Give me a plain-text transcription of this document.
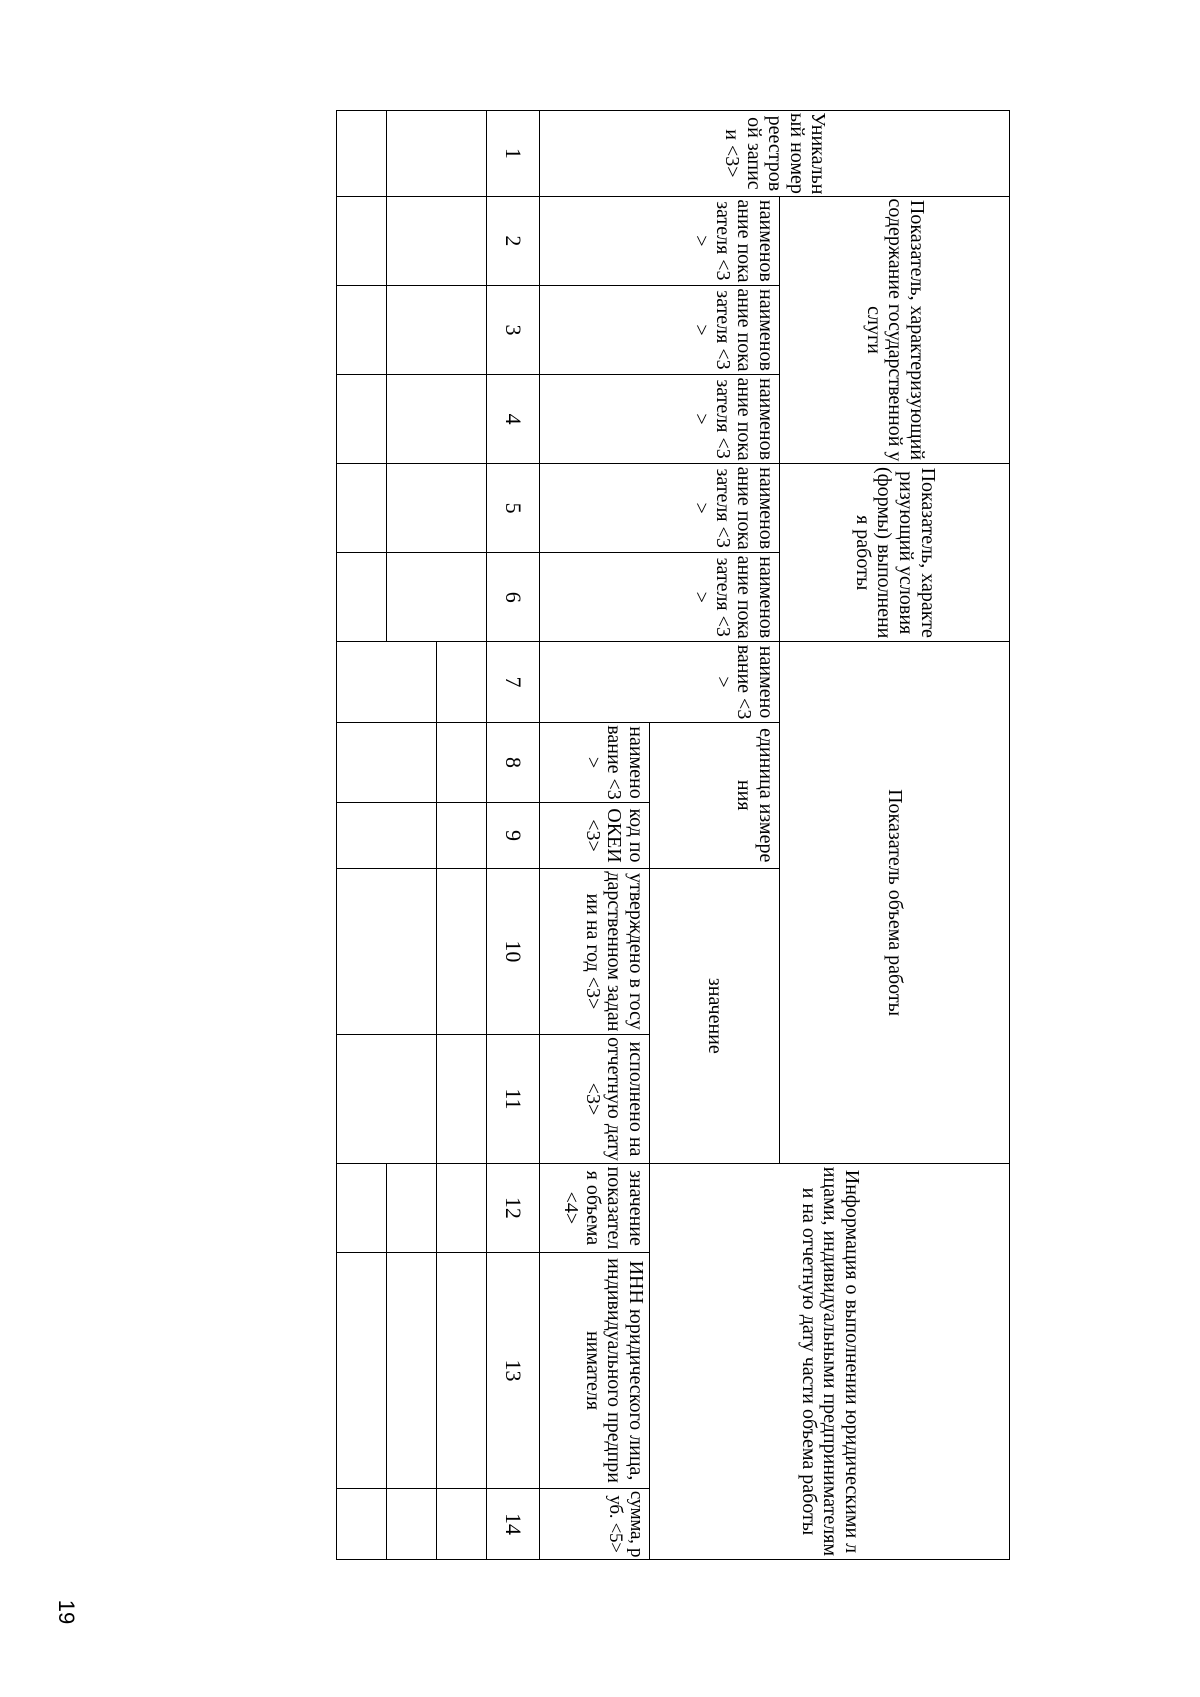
19
Уникальный номер реестровой записи <3>	Показатель, характеризующий содержание государственной услуги			Показатель, характеризующий условия (формы) выполнения работы		Показатель объема работы					Информация о выполнении юридическими лицами, индивидуальными предпринимателями на отчетную дату части объема работы		
	наименование показателя <3>	наименование показателя <3>	наименование показателя <3>	наименование показателя <3>	наименование показателя <3>	наименование <3>	единица измерения		значение				
							наименование <3>	код по ОКЕИ <3>	утверждено в государственном задании на год <3>	исполнено на отчетную дату <3>	значение показателя объема <4>	ИНН юридического лица, индивидуального предпринимателя	сумма, руб. <5>
1	2	3	4	5	6	7	8	9	10	11	12	13	14
